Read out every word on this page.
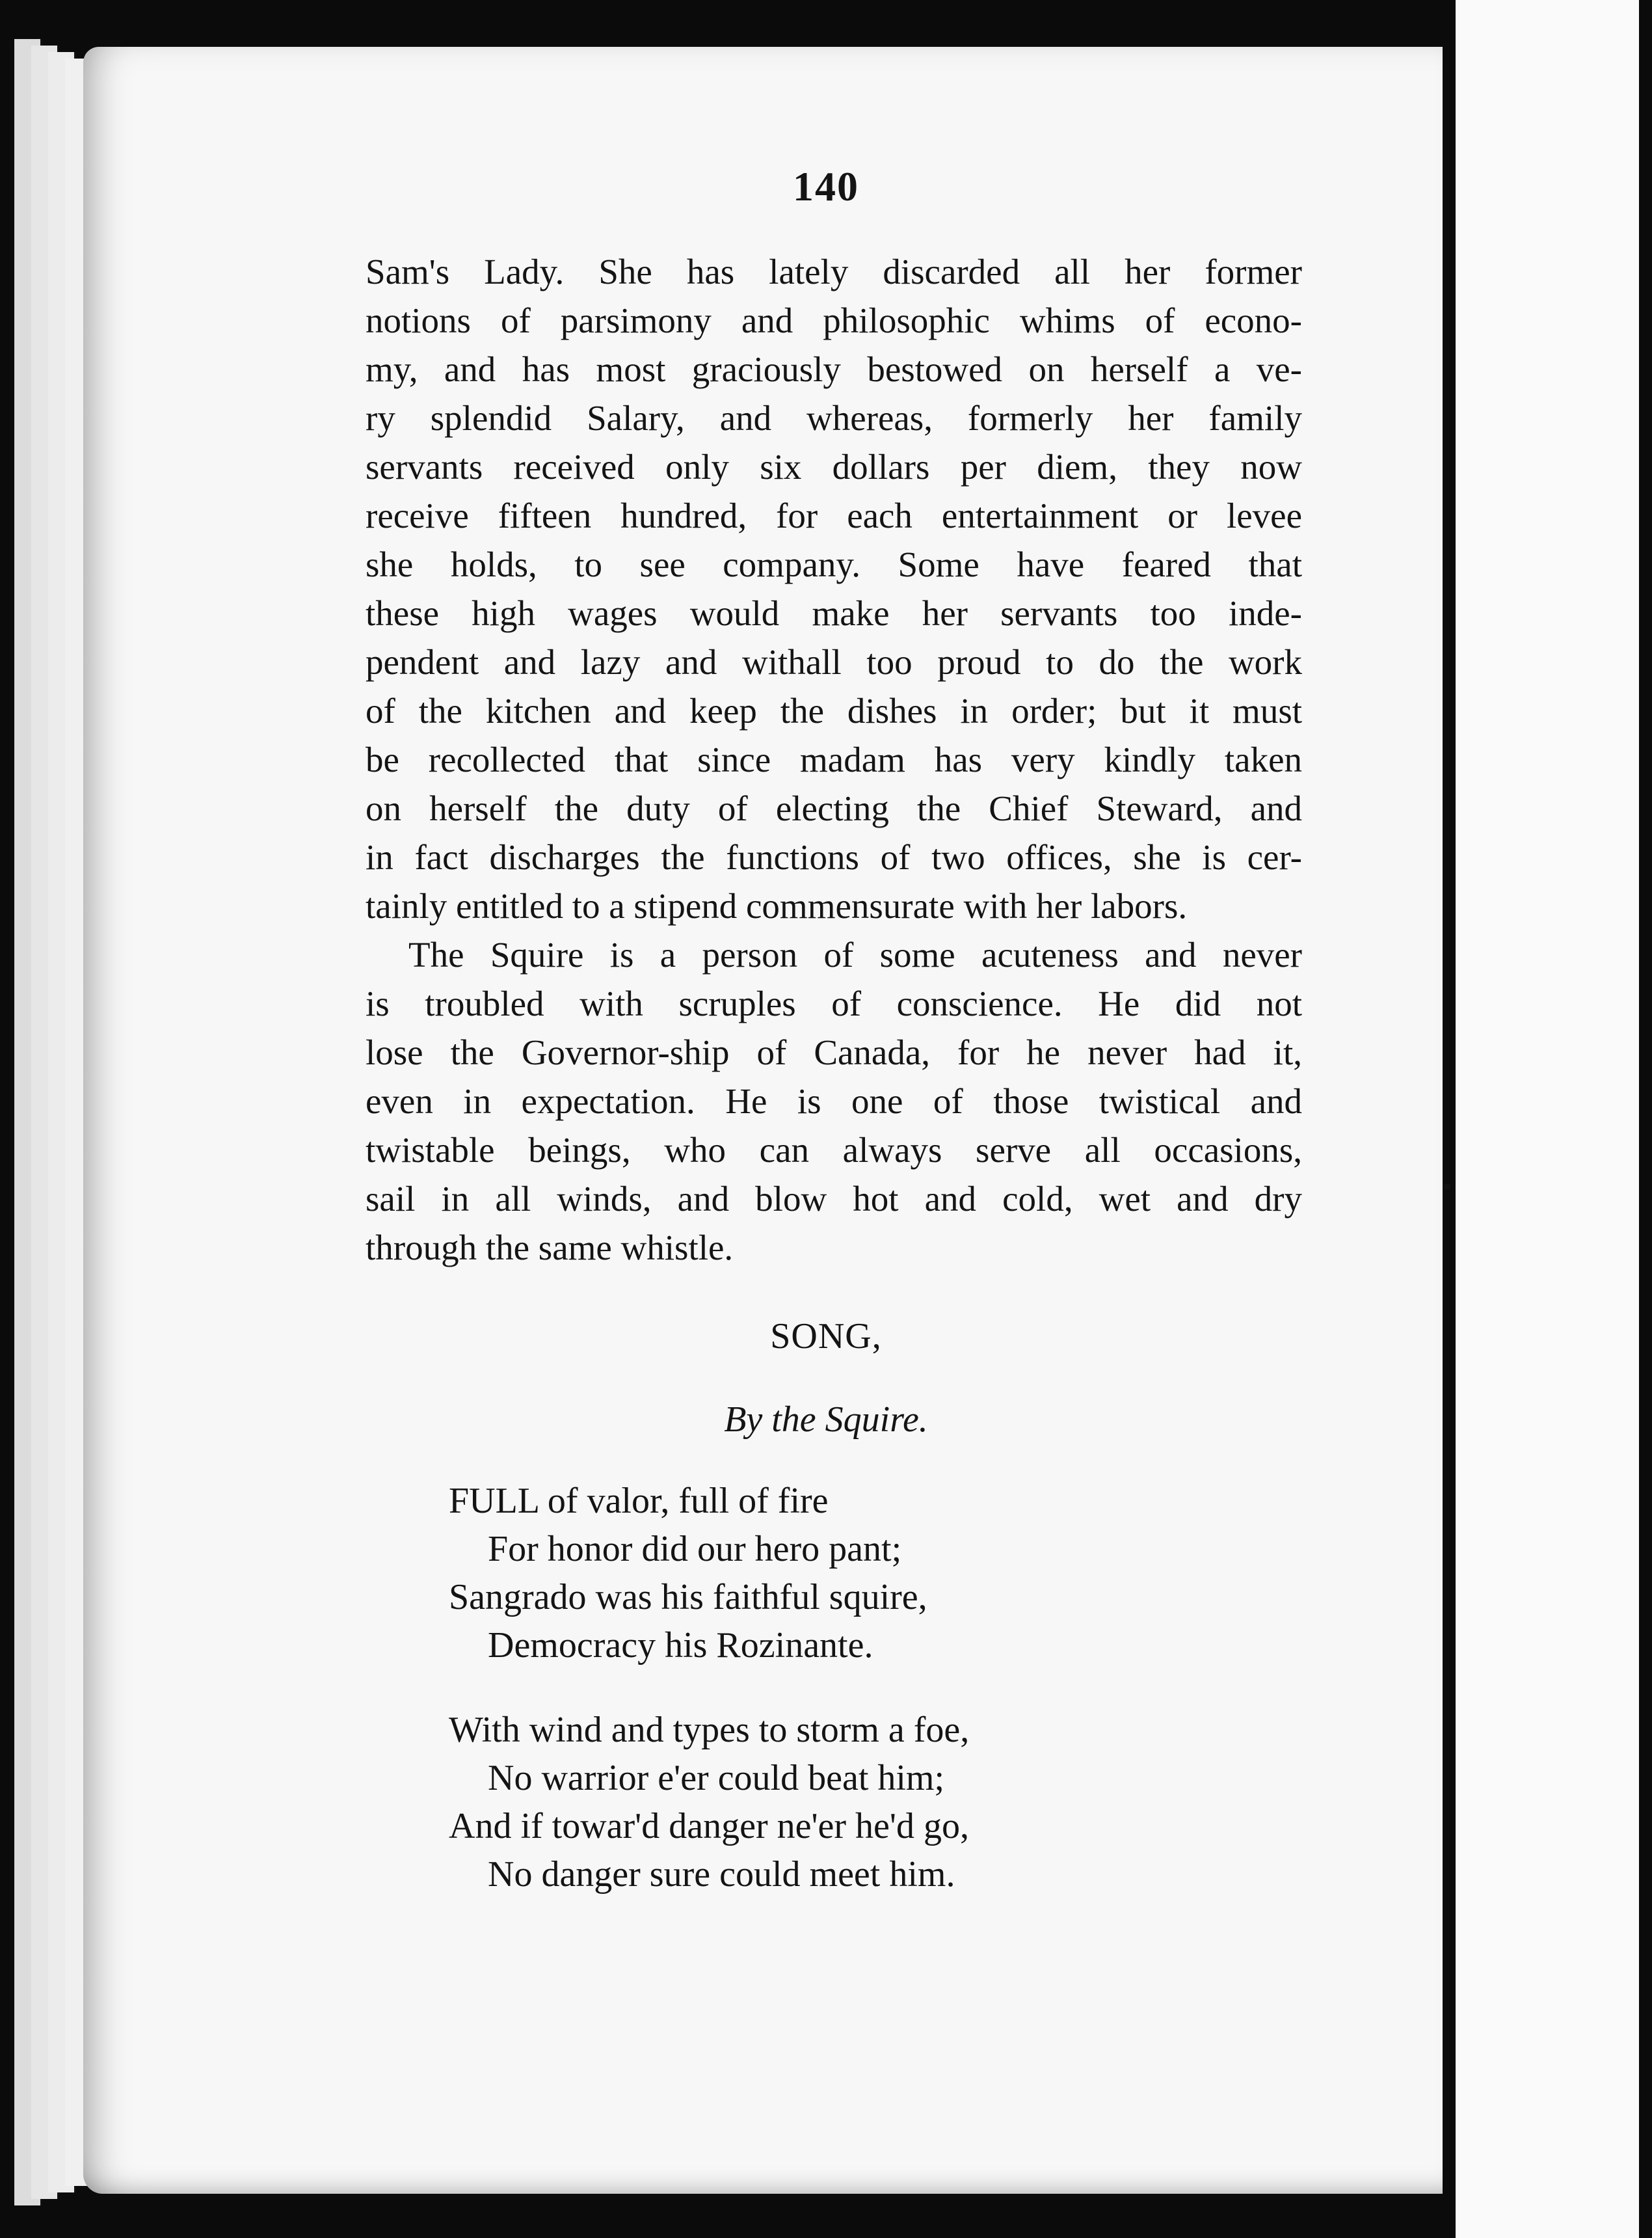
140

Sam's Lady. She has lately discarded all her former
notions of parsimony and philosophic whims of econo-
my, and has most graciously bestowed on herself a ve-
ry splendid Salary, and whereas, formerly her family
servants received only six dollars per diem, they now
receive fifteen hundred, for each entertainment or levee
she holds, to see company. Some have feared that
these high wages would make her servants too inde-
pendent and lazy and withall too proud to do the work
of the kitchen and keep the dishes in order; but it must
be recollected that since madam has very kindly taken
on herself the duty of electing the Chief Steward, and
in fact discharges the functions of two offices, she is cer-
tainly entitled to a stipend commensurate with her labors.

The Squire is a person of some acuteness and never
is troubled with scruples of conscience. He did not
lose the Governor-ship of Canada, for he never had it,
even in expectation. He is one of those twistical and
twistable beings, who can always serve all occasions,
sail in all winds, and blow hot and cold, wet and dry
through the same whistle.

SONG,
By the Squire.
FULL of valor, full of fire
For honor did our hero pant;
Sangrado was his faithful squire,
Democracy his Rozinante.
With wind and types to storm a foe,
No warrior e'er could beat him;
And if towar'd danger ne'er he'd go,
No danger sure could meet him.
